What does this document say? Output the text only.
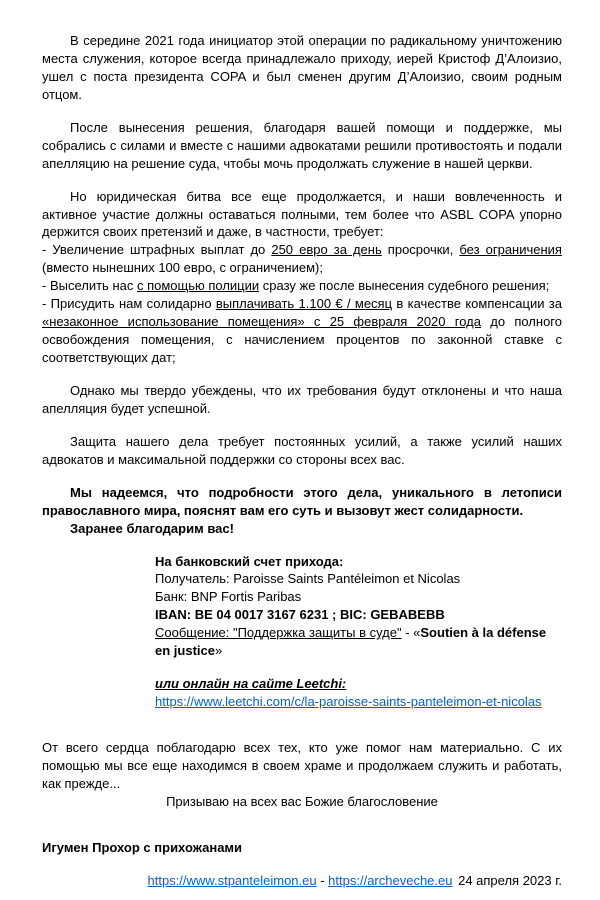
В середине 2021 года инициатор этой операции по радикальному уничтожению места служения, которое всегда принадлежало приходу, иерей Кристоф Д’Алоизио, ушел с поста президента COPA и был сменен другим Д’Алоизио, своим родным отцом.
После вынесения решения, благодаря вашей помощи и поддержке, мы собрались с силами и вместе с нашими адвокатами решили противостоять и подали апелляцию на решение суда, чтобы мочь продолжать служение в нашей церкви.
Но юридическая битва все еще продолжается, и наши вовлеченность и активное участие должны оставаться полными, тем более что ASBL COPA упорно держится своих претензий и даже, в частности, требует:
- Увеличение штрафных выплат до 250 евро за день просрочки, без ограничения (вместо нынешних 100 евро, с ограничением);
- Выселить нас с помощью полиции сразу же после вынесения судебного решения;
- Присудить нам солидарно выплачивать 1.100 € / месяц в качестве компенсации за «незаконное использование помещения» с 25 февраля 2020 года до полного освобождения помещения, с начислением процентов по законной ставке с соответствующих дат;
Однако мы твердо убеждены, что их требования будут отклонены и что наша апелляция будет успешной.
Защита нашего дела требует постоянных усилий, а также усилий наших адвокатов и максимальной поддержки со стороны всех вас.
Мы надеемся, что подробности этого дела, уникального в летописи православного мира, пояснят вам его суть и вызовут жест солидарности.
Заранее благодарим вас!
На банковский счет прихода:
Получатель: Paroisse Saints Pantéleimon et Nicolas
Банк: BNP Fortis Paribas
IBAN: BE 04 0017 3167 6231 ; BIC: GEBABEBB
Сообщение: "Поддержка защиты в суде" - «Soutien à la défense en justice»
или онлайн на сайте Leetchi:
https://www.leetchi.com/c/la-paroisse-saints-panteleimon-et-nicolas
От всего сердца поблагодарю всех тех, кто уже помог нам материально. С их помощью мы все еще находимся в своем храме и продолжаем служить и работать, как прежде...
Призываю на всех вас Божие благословение
Игумен Прохор с прихожанами
24 апреля 2023 г.
https://www.stpanteleimon.eu - https://archeveche.eu
